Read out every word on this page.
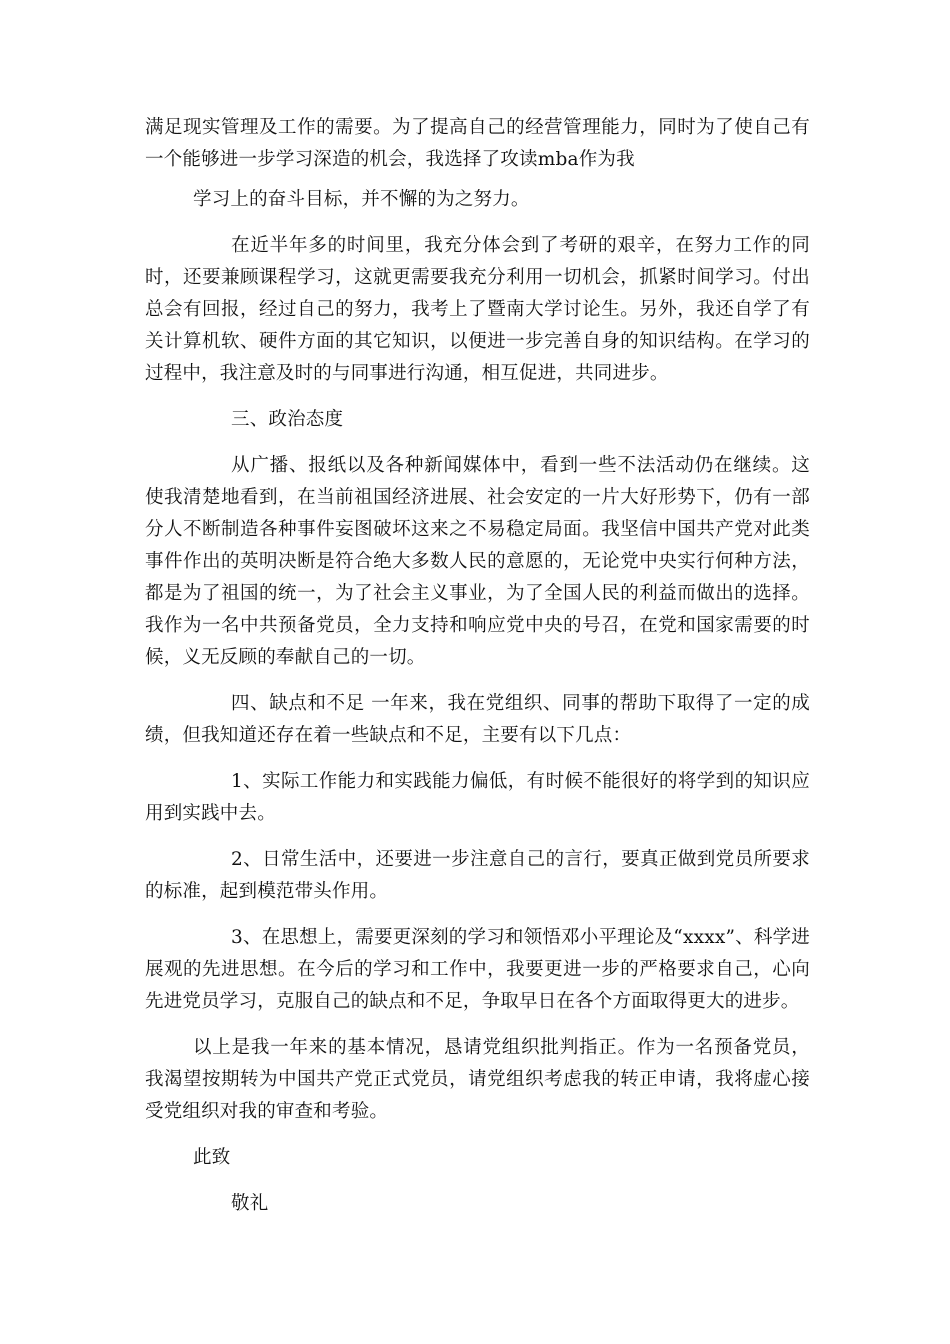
满足现实管理及工作的需要。为了提高自己的经营管理能力，同时为了使自己有一个能够进一步学习深造的机会，我选择了攻读mba作为我

学习上的奋斗目标，并不懈的为之努力。

在近半年多的时间里，我充分体会到了考研的艰辛，在努力工作的同时，还要兼顾课程学习，这就更需要我充分利用一切机会，抓紧时间学习。付出总会有回报，经过自己的努力，我考上了暨南大学讨论生。另外，我还自学了有关计算机软、硬件方面的其它知识，以便进一步完善自身的知识结构。在学习的过程中，我注意及时的与同事进行沟通，相互促进，共同进步。

三、政治态度

从广播、报纸以及各种新闻媒体中，看到一些不法活动仍在继续。这使我清楚地看到，在当前祖国经济进展、社会安定的一片大好形势下，仍有一部分人不断制造各种事件妄图破坏这来之不易稳定局面。我坚信中国共产党对此类事件作出的英明决断是符合绝大多数人民的意愿的，无论党中央实行何种方法，都是为了祖国的统一，为了社会主义事业，为了全国人民的利益而做出的选择。我作为一名中共预备党员，全力支持和响应党中央的号召，在党和国家需要的时候，义无反顾的奉献自己的一切。

四、缺点和不足 一年来，我在党组织、同事的帮助下取得了一定的成绩，但我知道还存在着一些缺点和不足，主要有以下几点：

1、实际工作能力和实践能力偏低，有时候不能很好的将学到的知识应用到实践中去。

2、日常生活中，还要进一步注意自己的言行，要真正做到党员所要求的标准，起到模范带头作用。

3、在思想上，需要更深刻的学习和领悟邓小平理论及“xxxx”、科学进展观的先进思想。在今后的学习和工作中，我要更进一步的严格要求自己，心向先进党员学习，克服自己的缺点和不足，争取早日在各个方面取得更大的进步。

以上是我一年来的基本情况，恳请党组织批判指正。作为一名预备党员，我渴望按期转为中国共产党正式党员，请党组织考虑我的转正申请，我将虚心接受党组织对我的审查和考验。

此致

敬礼
